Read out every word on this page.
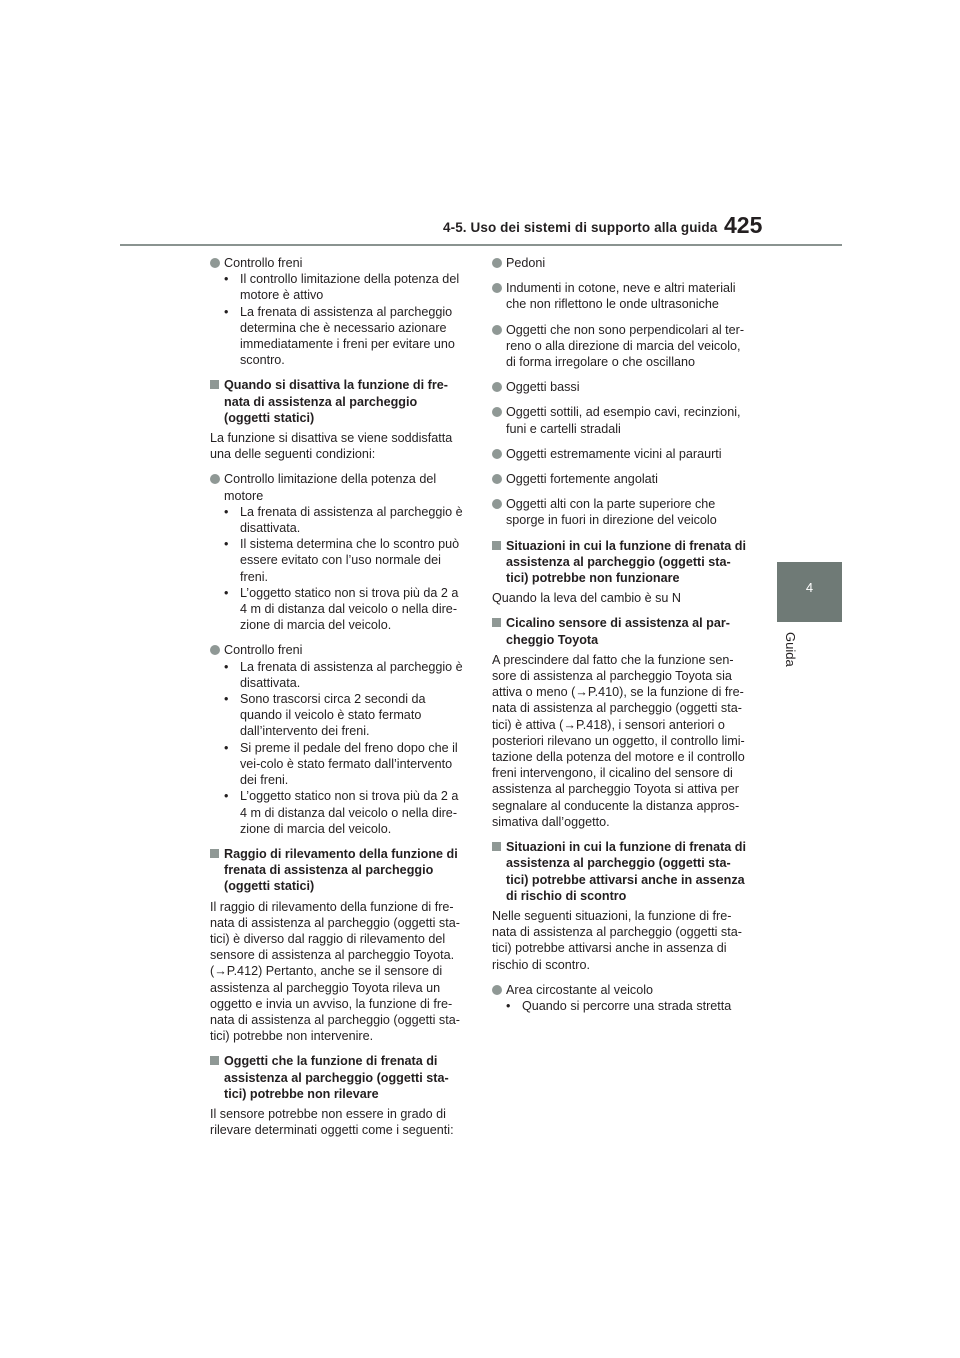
4-5. Uso dei sistemi di supporto alla guida 425
4
Guida

Controllo freni

• Il controllo limitazione della potenza del motore è attivo
• La frenata di assistenza al parcheggio determina che è necessario azionare immediatamente i freni per evitare uno scontro.
Quando si disattiva la funzione di fre-nata di assistenza al parcheggio (oggetti statici)

La funzione si disattiva se viene soddisfatta una delle seguenti condizioni:

Controllo limitazione della potenza del motore

• La frenata di assistenza al parcheggio è disattivata.
• Il sistema determina che lo scontro può essere evitato con l’uso normale dei freni.
• L’oggetto statico non si trova più da 2 a 4 m di distanza dal veicolo o nella dire-zione di marcia del veicolo.

Controllo freni

• La frenata di assistenza al parcheggio è disattivata.
• Sono trascorsi circa 2 secondi da quando il veicolo è stato fermato dall’intervento dei freni.
• Si preme il pedale del freno dopo che il vei-colo è stato fermato dall’intervento dei freni.
• L’oggetto statico non si trova più da 2 a 4 m di distanza dal veicolo o nella dire-zione di marcia del veicolo.
Raggio di rilevamento della funzione di frenata di assistenza al parcheggio (oggetti statici)

Il raggio di rilevamento della funzione di fre-nata di assistenza al parcheggio (oggetti sta-tici) è diverso dal raggio di rilevamento del sensore di assistenza al parcheggio Toyota. (→P.412) Pertanto, anche se il sensore di assistenza al parcheggio Toyota rileva un oggetto e invia un avviso, la funzione di fre-nata di assistenza al parcheggio (oggetti sta-tici) potrebbe non intervenire.

Oggetti che la funzione di frenata di assistenza al parcheggio (oggetti sta-tici) potrebbe non rilevare

Il sensore potrebbe non essere in grado di rilevare determinati oggetti come i seguenti:

Pedoni

Indumenti in cotone, neve e altri materiali che non riflettono le onde ultrasoniche

Oggetti che non sono perpendicolari al ter-reno o alla direzione di marcia del veicolo, di forma irregolare o che oscillano

Oggetti bassi

Oggetti sottili, ad esempio cavi, recinzioni, funi e cartelli stradali

Oggetti estremamente vicini al paraurti

Oggetti fortemente angolati

Oggetti alti con la parte superiore che sporge in fuori in direzione del veicolo

Situazioni in cui la funzione di frenata di assistenza al parcheggio (oggetti sta-tici) potrebbe non funzionare

Quando la leva del cambio è su N

Cicalino sensore di assistenza al par-cheggio Toyota

A prescindere dal fatto che la funzione sen-sore di assistenza al parcheggio Toyota sia attiva o meno (→P.410), se la funzione di fre-nata di assistenza al parcheggio (oggetti sta-tici) è attiva (→P.418), i sensori anteriori o posteriori rilevano un oggetto, il controllo limi-tazione della potenza del motore e il controllo freni intervengono, il cicalino del sensore di assistenza al parcheggio Toyota si attiva per segnalare al conducente la distanza appros-simativa dall’oggetto.

Situazioni in cui la funzione di frenata di assistenza al parcheggio (oggetti sta-tici) potrebbe attivarsi anche in assenza di rischio di scontro

Nelle seguenti situazioni, la funzione di fre-nata di assistenza al parcheggio (oggetti sta-tici) potrebbe attivarsi anche in assenza di rischio di scontro.

Area circostante al veicolo

• Quando si percorre una strada stretta
